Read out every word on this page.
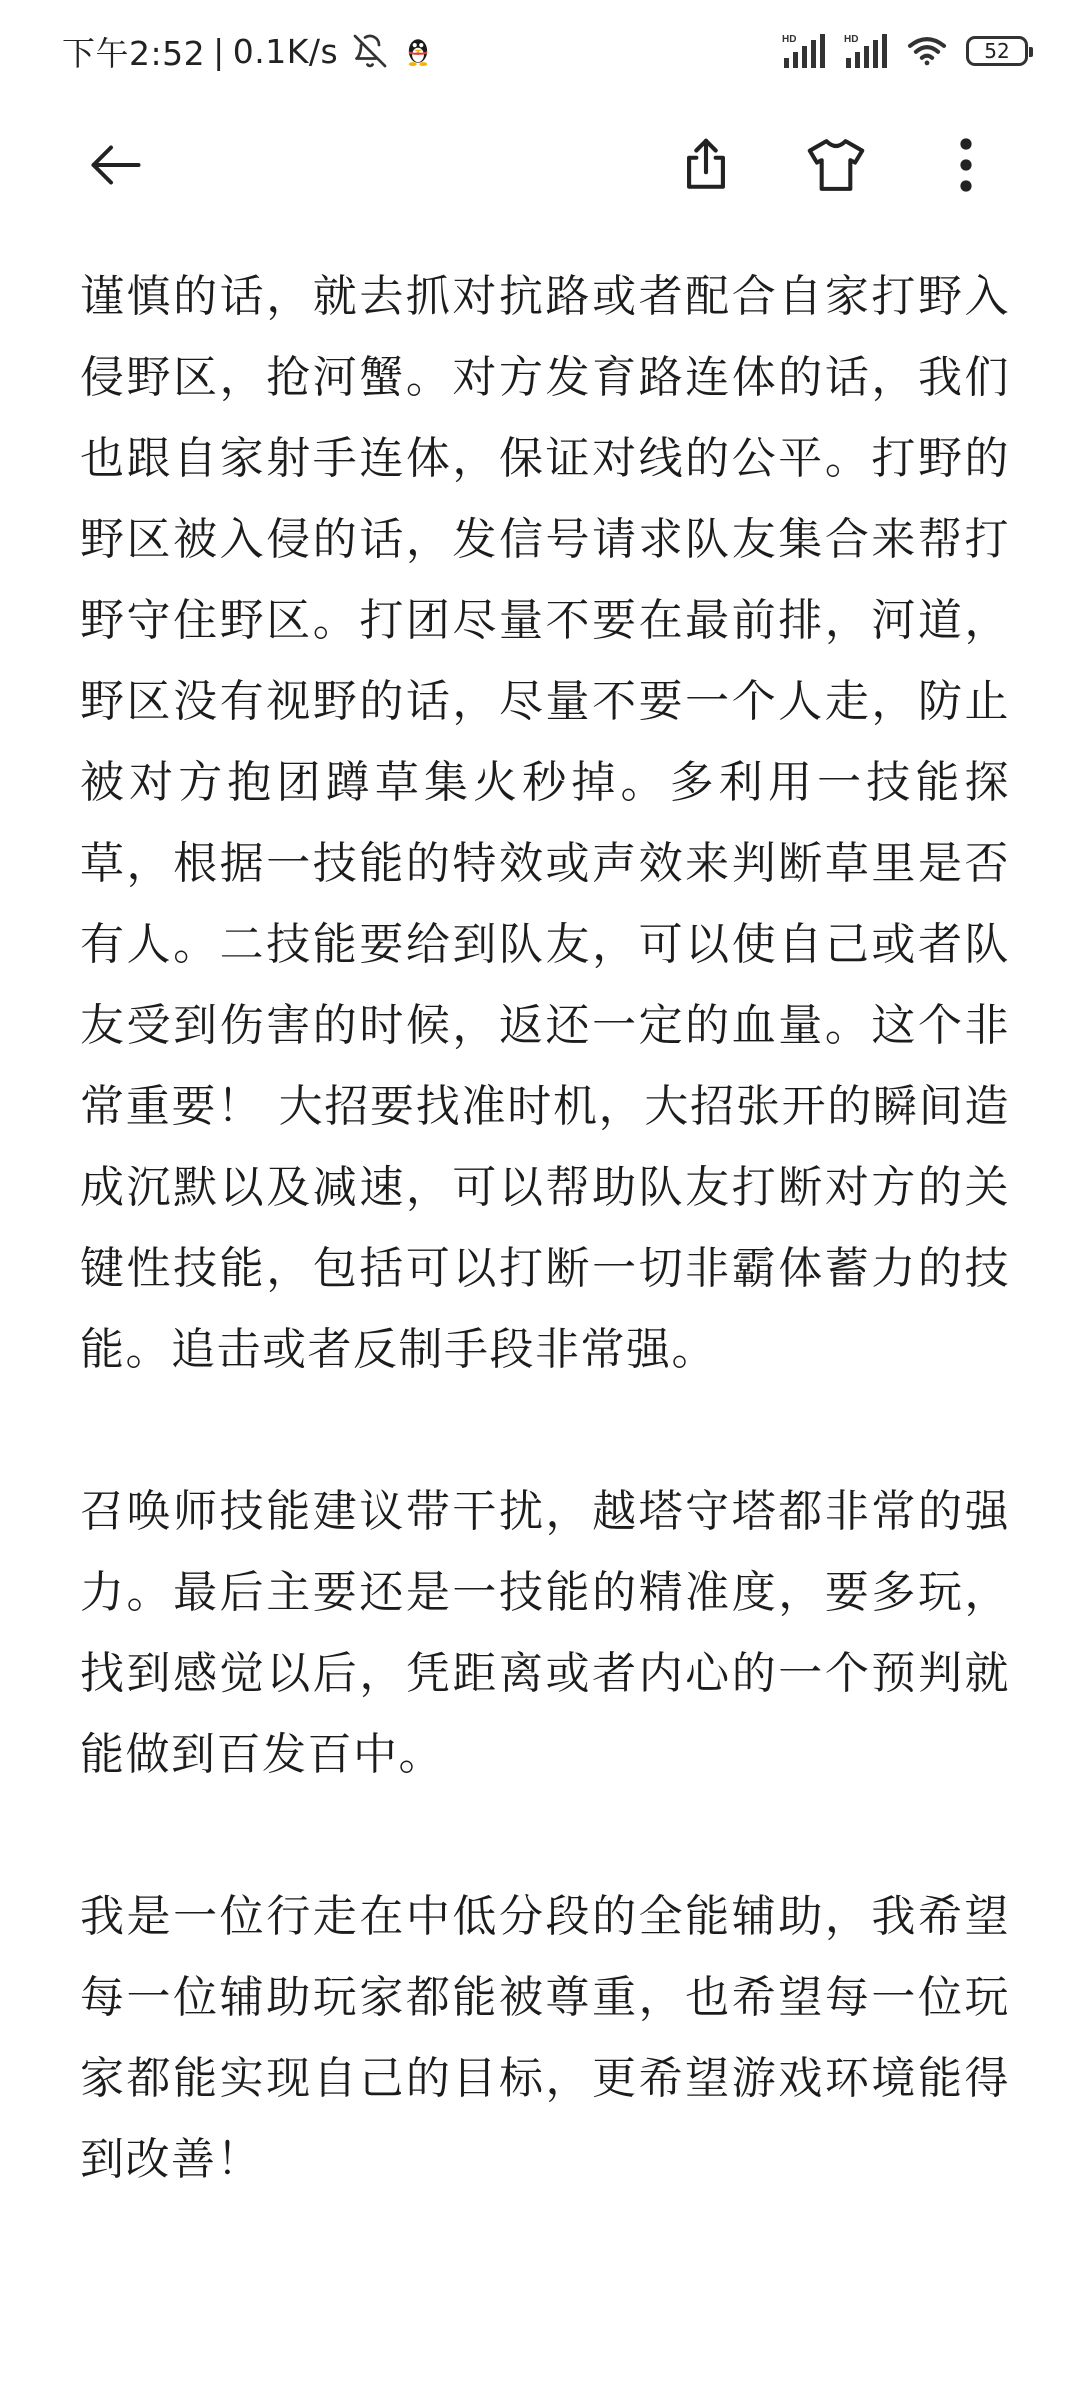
下午2:52 | 0.1K/s	HD	HD	52

谨慎的话，就去抓对抗路或者配合自家打野入侵野区，抢河蟹。对方发育路连体的话，我们也跟自家射手连体，保证对线的公平。打野的野区被入侵的话，发信号请求队友集合来帮打野守住野区。打团尽量不要在最前排，河道，野区没有视野的话，尽量不要一个人走，防止被对方抱团蹲草集火秒掉。多利用一技能探草，根据一技能的特效或声效来判断草里是否有人。二技能要给到队友，可以使自己或者队友受到伤害的时候，返还一定的血量。这个非常重要！ 大招要找准时机，大招张开的瞬间造成沉默以及减速，可以帮助队友打断对方的关键性技能，包括可以打断一切非霸体蓄力的技能。追击或者反制手段非常强。

召唤师技能建议带干扰，越塔守塔都非常的强力。最后主要还是一技能的精准度，要多玩，找到感觉以后，凭距离或者内心的一个预判就能做到百发百中。

我是一位行走在中低分段的全能辅助，我希望每一位辅助玩家都能被尊重，也希望每一位玩家都能实现自己的目标，更希望游戏环境能得到改善！
